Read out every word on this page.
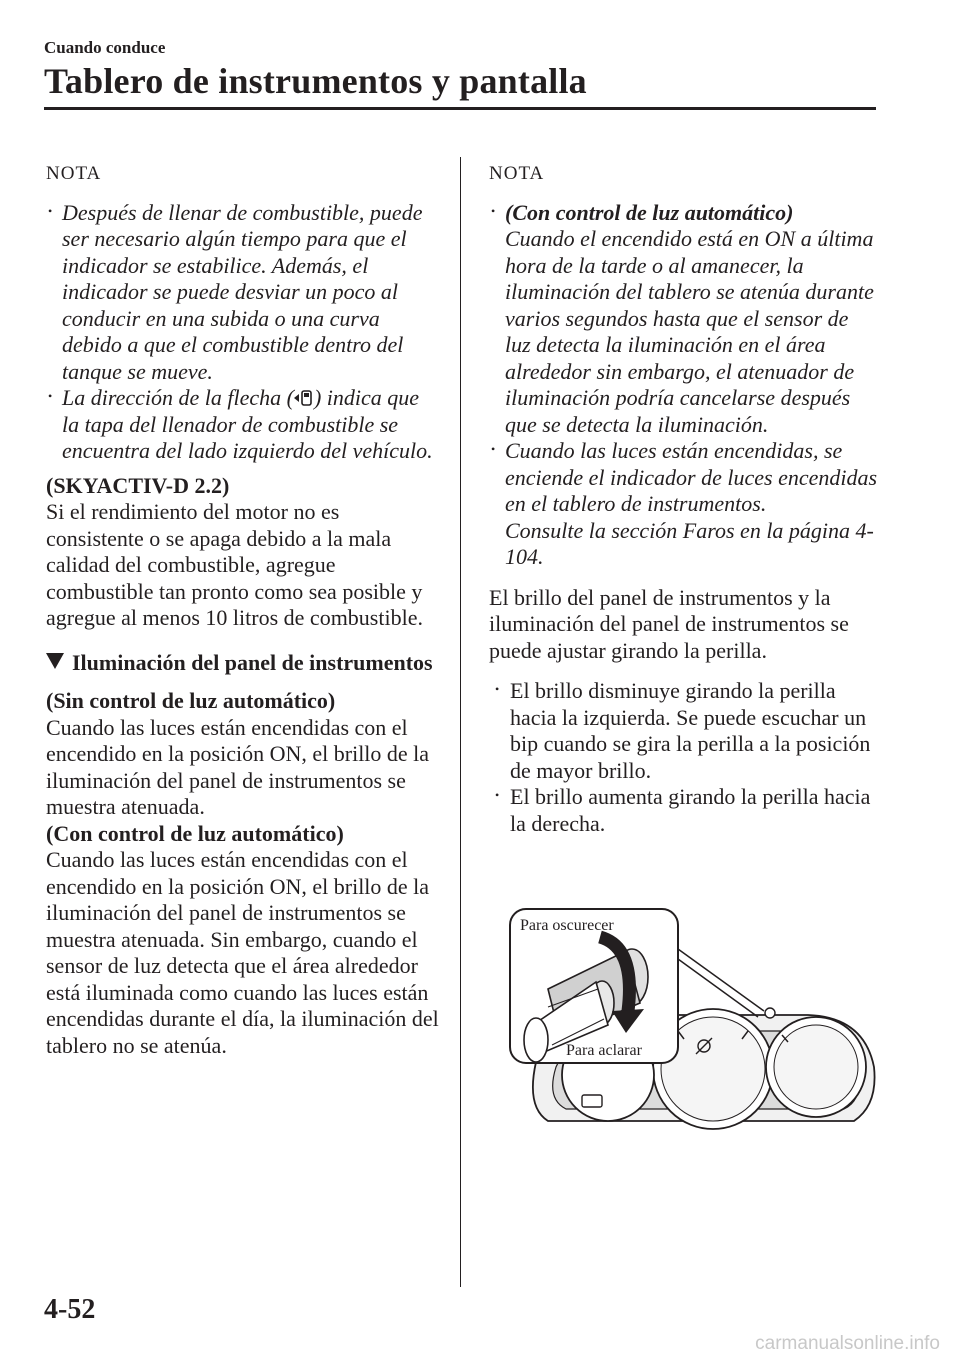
Cuando conduce
Tablero de instrumentos y pantalla
NOTA
• Después de llenar de combustible, puede ser necesario algún tiempo para que el indicador se estabilice. Además, el indicador se puede desviar un poco al conducir en una subida o una curva debido a que el combustible dentro del tanque se mueve.
• La dirección de la flecha ( ) indica que la tapa del llenador de combustible se encuentra del lado izquierdo del vehículo.

(SKYACTIV-D 2.2)

Si el rendimiento del motor no es consistente o se apaga debido a la mala calidad del combustible, agregue combustible tan pronto como sea posible y agregue al menos 10 litros de combustible.

Iluminación del panel de instrumentos

(Sin control de luz automático)

Cuando las luces están encendidas con el encendido en la posición ON, el brillo de la iluminación del panel de instrumentos se muestra atenuada.

(Con control de luz automático)

Cuando las luces están encendidas con el encendido en la posición ON, el brillo de la iluminación del panel de instrumentos se muestra atenuada. Sin embargo, cuando el sensor de luz detecta que el área alrededor está iluminada como cuando las luces están encendidas durante el día, la iluminación del tablero no se atenúa.

NOTA
• (Con control de luz automático)
Cuando el encendido está en ON a última hora de la tarde o al amanecer, la iluminación del tablero se atenúa durante varios segundos hasta que el sensor de luz detecta la iluminación en el área alrededor sin embargo, el atenuador de iluminación podría cancelarse después que se detecta la iluminación.
• Cuando las luces están encendidas, se enciende el indicador de luces encendidas en el tablero de instrumentos.
Consulte la sección Faros en la página 4-104.

El brillo del panel de instrumentos y la iluminación del panel de instrumentos se puede ajustar girando la perilla.

• El brillo disminuye girando la perilla hacia la izquierda. Se puede escuchar un bip cuando se gira la perilla a la posición de mayor brillo.
• El brillo aumenta girando la perilla hacia la derecha.
Para oscurecer
Para aclarar
4-52
carmanualsonline.info
